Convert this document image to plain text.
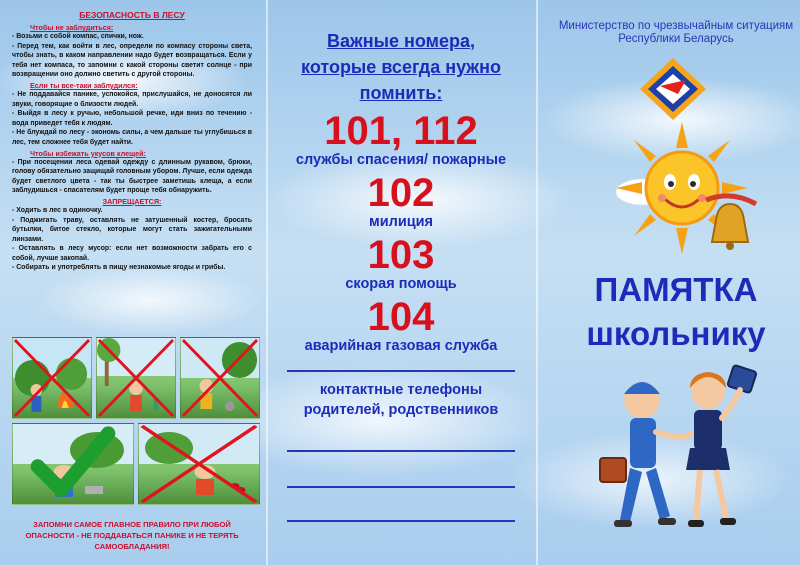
БЕЗОПАСНОСТЬ В ЛЕСУ
Чтобы не заблудиться:

- Возьми с собой компас, спички, нож.

- Перед тем, как войти в лес, определи по компасу стороны света, чтобы знать, в каком направлении надо будет возвращаться. Если у тебя нет компаса, то запомни с какой стороны светит солнце - при возвращении оно должно светить с другой стороны.

Если ты все-таки заблудился:

- Не поддавайся панике, успокойся, прислушайся, не доносятся ли звуки, говорящие о близости людей.

- Выйдя в лесу к ручью, небольшой речке, иди вниз по течению - вода приведет тебя к людям.

- Не блуждай по лесу - экономь силы, а чем дальше ты углубишься в лес, тем сложнее тебя будет найти.

Чтобы избежать укусов клещей:

- При посещении леса одевай одежду с длинным рукавом, брюки, голову обязательно защищай головным убором. Лучше, если одежда будет светлого цвета - так ты быстрее заметишь клеща, а если заблудишься - спасателям будет проще тебя обнаружить.

ЗАПРЕЩАЕТСЯ:

- Ходить в лес в одиночку.

- Поджигать траву, оставлять не затушенный костер, бросать бутылки, битое стекло, которые могут стать зажигательными линзами.

- Оставлять в лесу мусор: если нет возможности забрать его с собой, лучше закопай.

- Собирать и употреблять в пищу незнакомые ягоды и грибы.

ЗАПОМНИ САМОЕ ГЛАВНОЕ ПРАВИЛО ПРИ ЛЮБОЙ ОПАСНОСТИ - НЕ ПОДДАВАТЬСЯ ПАНИКЕ И НЕ ТЕРЯТЬ САМООБЛАДАНИЯ!
Важные номера,
которые всегда нужно
помнить:
101, 112
службы спасения/ пожарные
102
милиция
103
скорая помощь
104
аварийная газовая служба
контактные телефоны
родителей, родственников
Министерство по чрезвычайным ситуациям
Республики Беларусь
ПАМЯТКА
школьнику
